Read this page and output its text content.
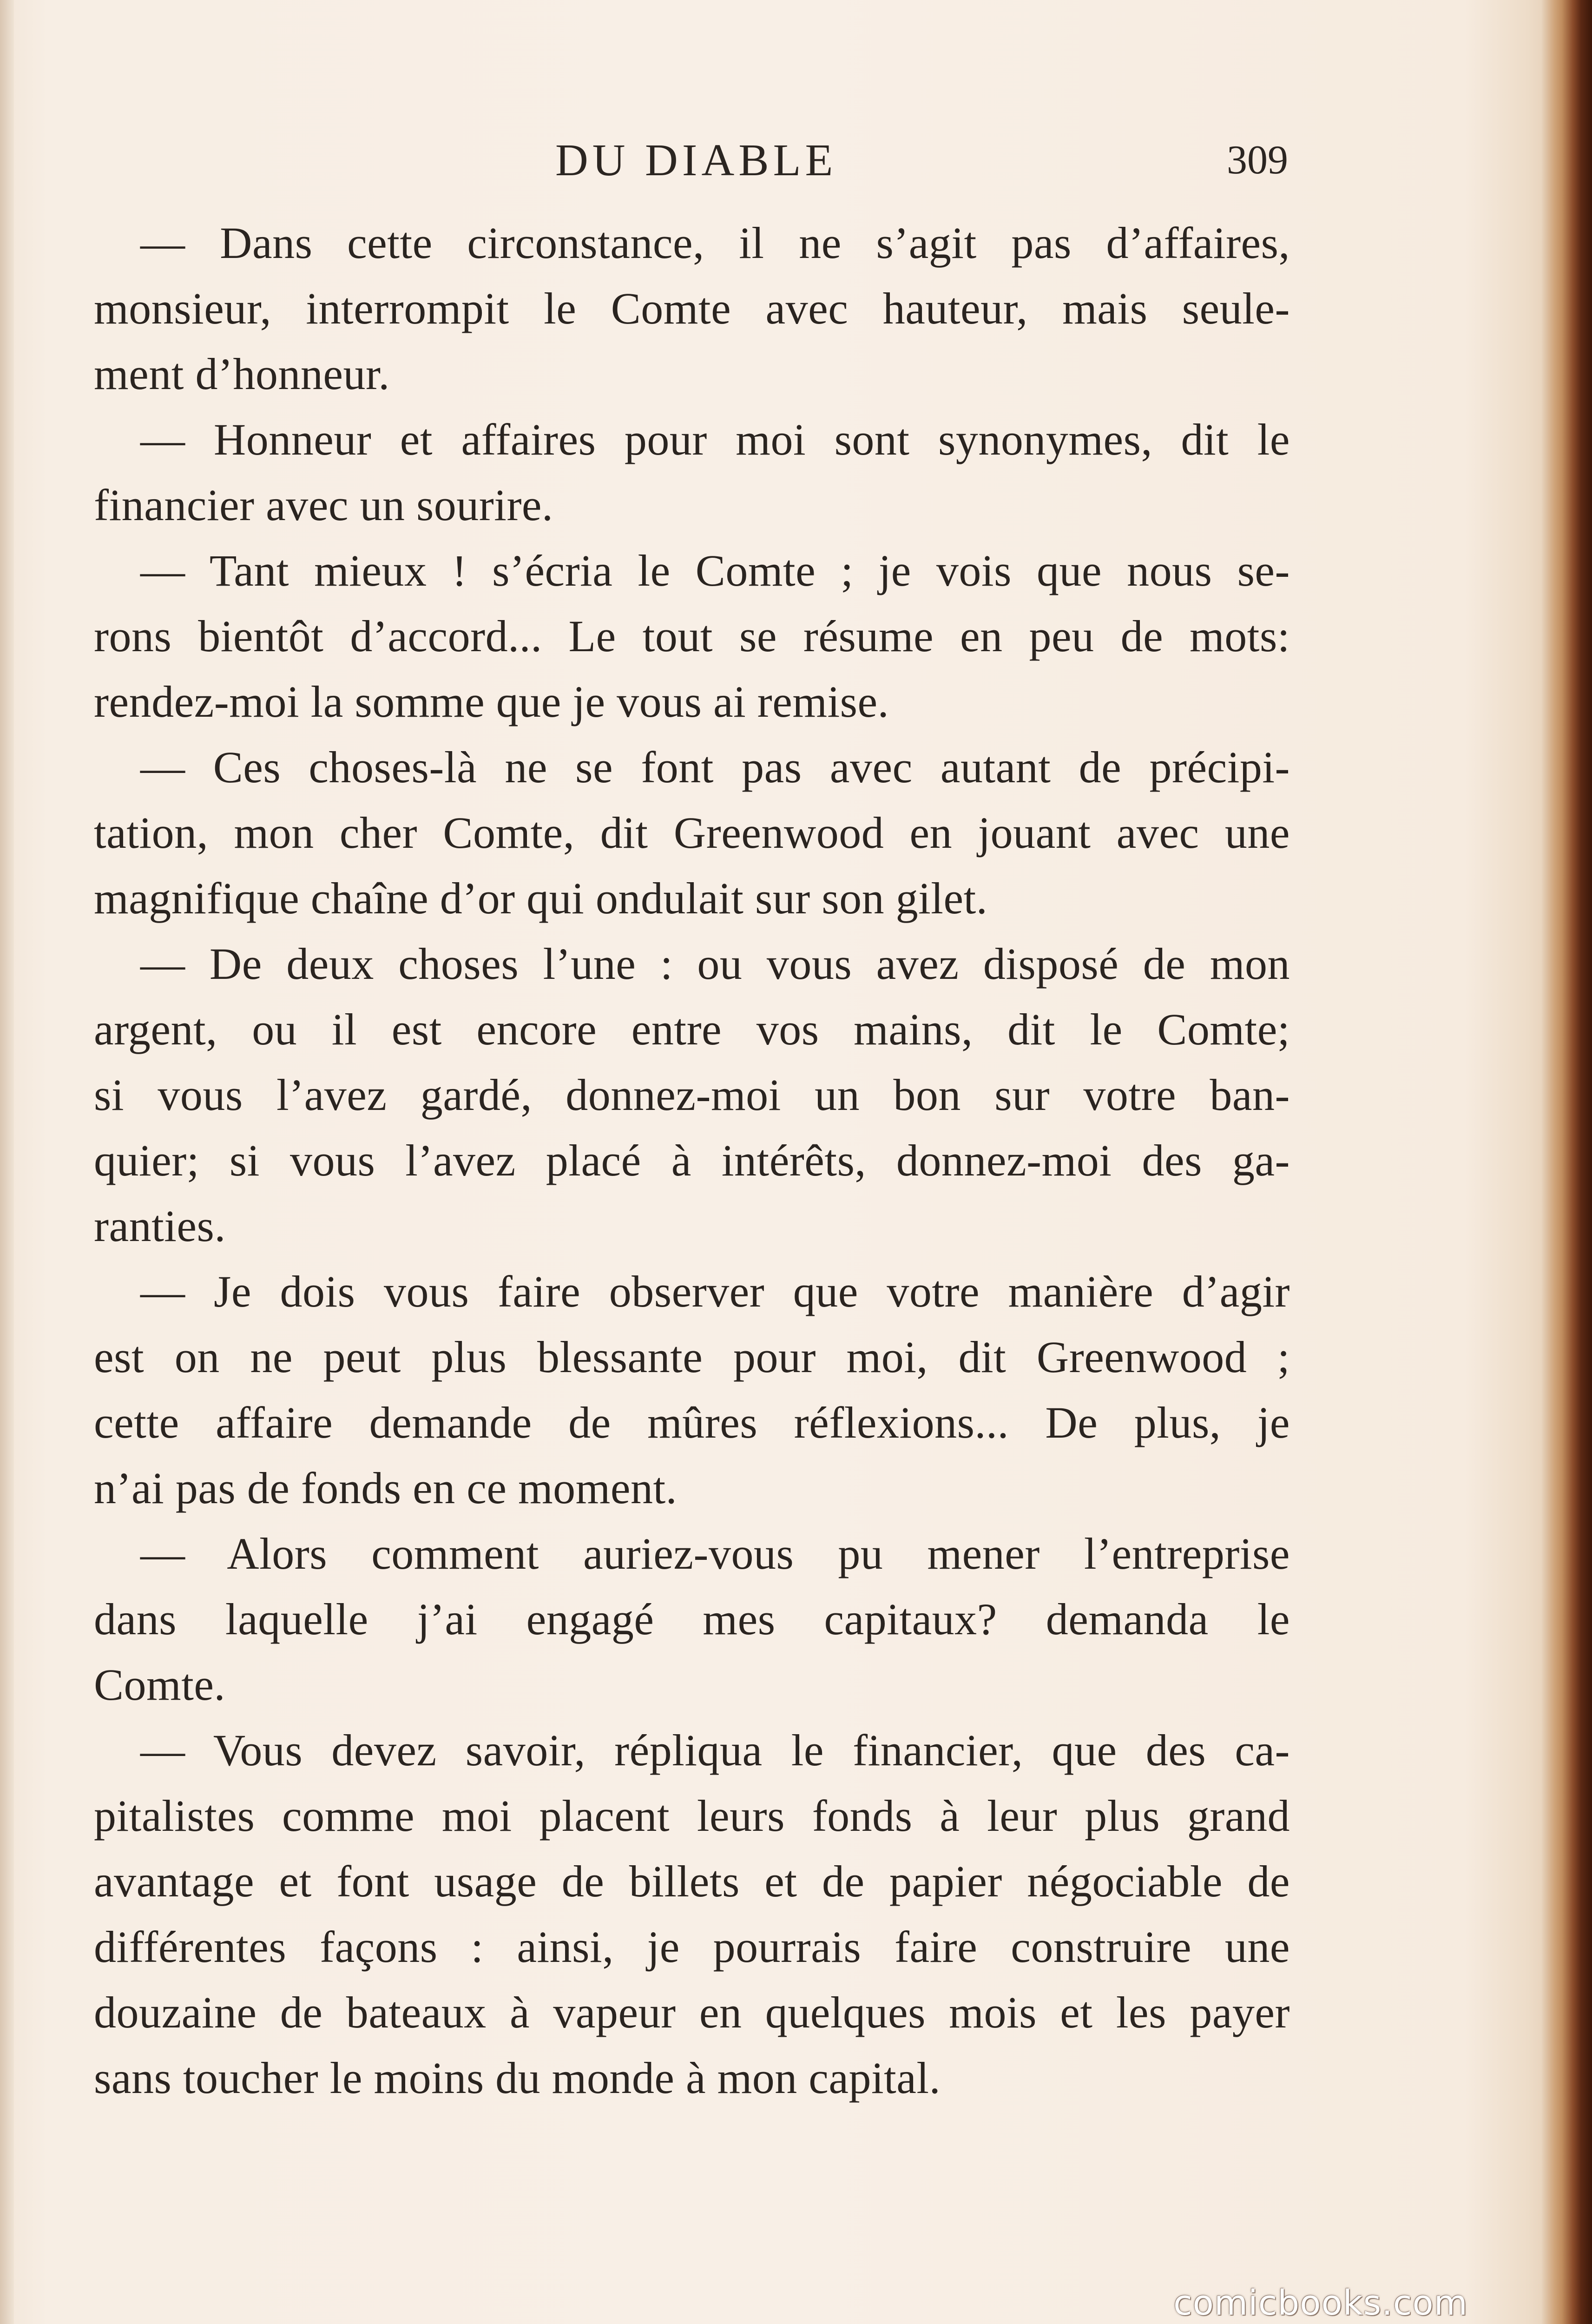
DU DIABLE	309
— Dans cette circonstance, il ne s’agit pas d’affaires,
monsieur, interrompit le Comte avec hauteur, mais seule-
ment d’honneur.
— Honneur et affaires pour moi sont synonymes, dit le
financier avec un sourire.
— Tant mieux ! s’écria le Comte ; je vois que nous se-
rons bientôt d’accord... Le tout se résume en peu de mots:
rendez-moi la somme que je vous ai remise.
— Ces choses-là ne se font pas avec autant de précipi-
tation, mon cher Comte, dit Greenwood en jouant avec une
magnifique chaîne d’or qui ondulait sur son gilet.
— De deux choses l’une : ou vous avez disposé de mon
argent, ou il est encore entre vos mains, dit le Comte;
si vous l’avez gardé, donnez-moi un bon sur votre ban-
quier; si vous l’avez placé à intérêts, donnez-moi des ga-
ranties.
— Je dois vous faire observer que votre manière d’agir
est on ne peut plus blessante pour moi, dit Greenwood ;
cette affaire demande de mûres réflexions... De plus, je
n’ai pas de fonds en ce moment.
— Alors comment auriez-vous pu mener l’entreprise
dans laquelle j’ai engagé mes capitaux? demanda le
Comte.
— Vous devez savoir, répliqua le financier, que des ca-
pitalistes comme moi placent leurs fonds à leur plus grand
avantage et font usage de billets et de papier négociable de
différentes façons : ainsi, je pourrais faire construire une
douzaine de bateaux à vapeur en quelques mois et les payer
sans toucher le moins du monde à mon capital.
comicbooks.com
